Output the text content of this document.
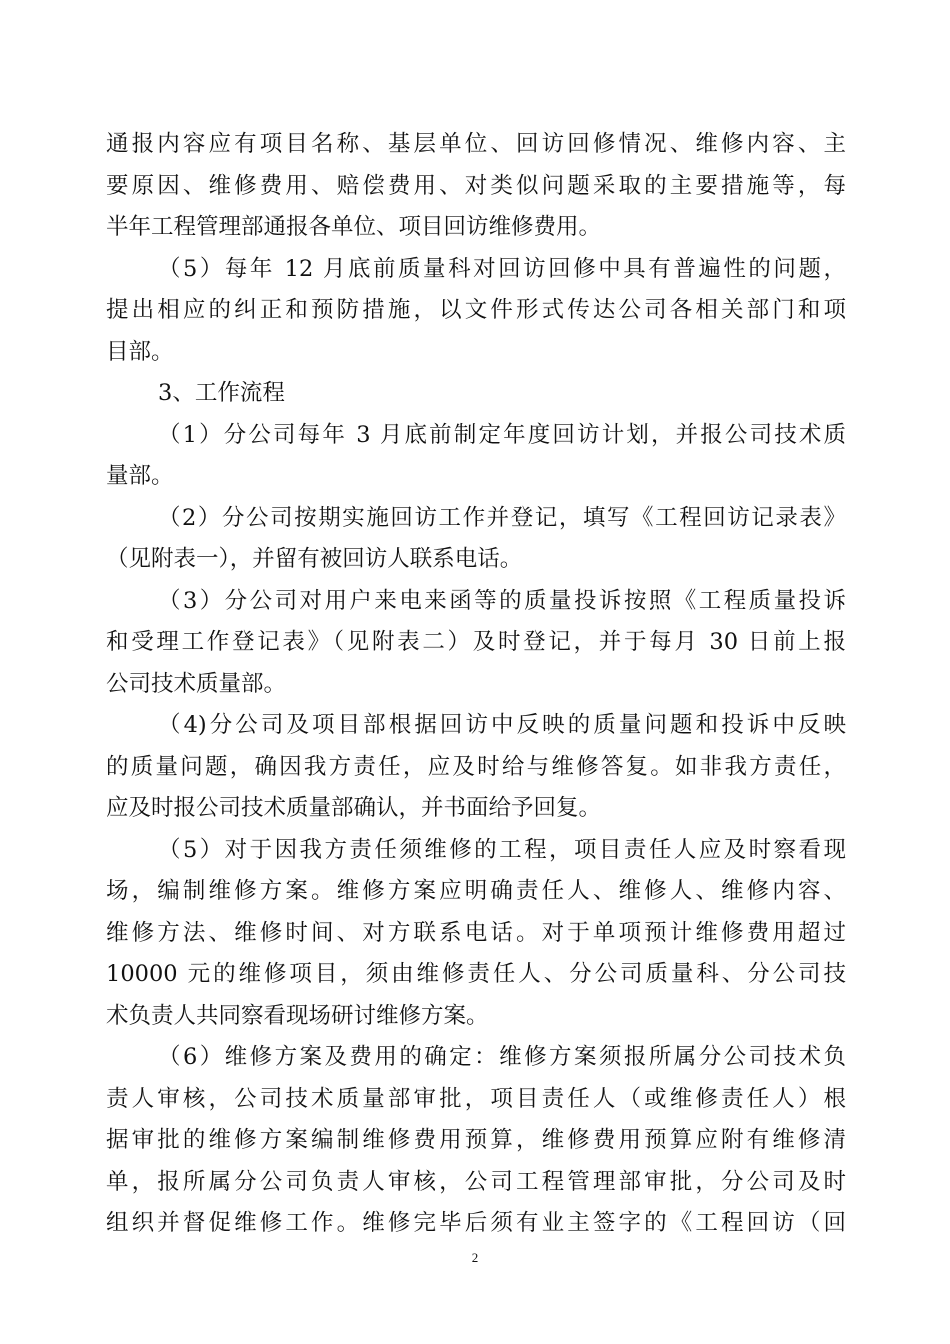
通报内容应有项目名称、基层单位、回访回修情况、维修内容、主
要原因、维修费用、赔偿费用、对类似问题采取的主要措施等，每
半年工程管理部通报各单位、项目回访维修费用。
（5）每年 12 月底前质量科对回访回修中具有普遍性的问题，
提出相应的纠正和预防措施，以文件形式传达公司各相关部门和项
目部。
3、工作流程
（1）分公司每年 3 月底前制定年度回访计划，并报公司技术质
量部。
（2）分公司按期实施回访工作并登记，填写《工程回访记录表》
（见附表一），并留有被回访人联系电话。
（3）分公司对用户来电来函等的质量投诉按照《工程质量投诉
和受理工作登记表》（见附表二）及时登记，并于每月 30 日前上报
公司技术质量部。
（4)分公司及项目部根据回访中反映的质量问题和投诉中反映
的质量问题，确因我方责任，应及时给与维修答复。如非我方责任，
应及时报公司技术质量部确认，并书面给予回复。
（5）对于因我方责任须维修的工程，项目责任人应及时察看现
场，编制维修方案。维修方案应明确责任人、维修人、维修内容、
维修方法、维修时间、对方联系电话。对于单项预计维修费用超过
10000 元的维修项目，须由维修责任人、分公司质量科、分公司技
术负责人共同察看现场研讨维修方案。
（6）维修方案及费用的确定：维修方案须报所属分公司技术负
责人审核，公司技术质量部审批，项目责任人（或维修责任人）根
据审批的维修方案编制维修费用预算，维修费用预算应附有维修清
单，报所属分公司负责人审核，公司工程管理部审批，分公司及时
组织并督促维修工作。维修完毕后须有业主签字的《工程回访（回
2
